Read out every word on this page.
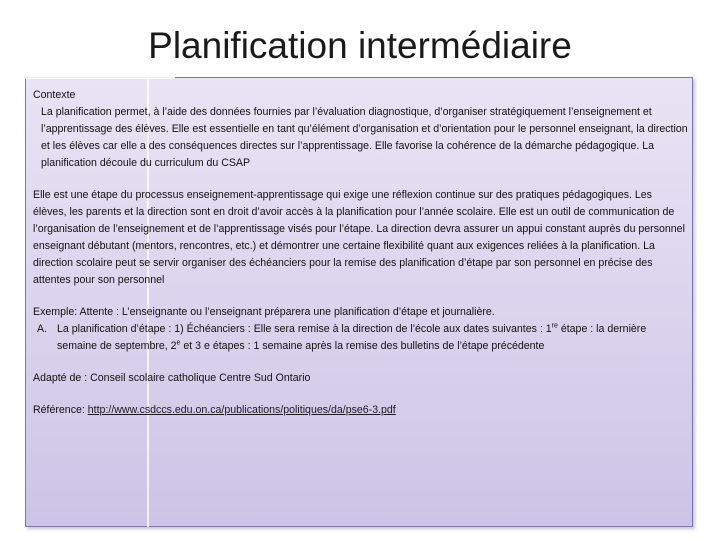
Planification intermédiaire

Contexte

La planification permet, à l’aide des données fournies par l’évaluation diagnostique, d’organiser stratégiquement l’enseignement et l’apprentissage des élèves. Elle est essentielle en tant qu’élément d’organisation et d’orientation pour le personnel enseignant, la direction et les élèves car elle a des conséquences directes sur l’apprentissage. Elle favorise la cohérence de la démarche pédagogique. La planification découle du curriculum du CSAP

Elle est une étape du processus enseignement-apprentissage qui exige une réflexion continue sur des pratiques pédagogiques. Les élèves, les parents et la direction sont en droit d’avoir accès à la planification pour l’année scolaire. Elle est un outil de communication de l’organisation de l’enseignement et de l’apprentissage visés pour l’étape. La direction devra assurer un appui constant auprès du personnel enseignant débutant (mentors, rencontres, etc.) et démontrer une certaine flexibilité quant aux exigences reliées à la planification. La direction scolaire peut se servir organiser des échéanciers pour la remise des planification d’étape par son personnel en précise des attentes pour son personnel

Exemple: Attente : L’enseignante ou l’enseignant préparera une planification d’étape et journalière.

A. La planification d’étape : 1) Échéanciers : Elle sera remise à la direction de l’école aux dates suivantes : 1re étape : la dernière semaine de septembre, 2e et 3 e étapes : 1 semaine après la remise des bulletins de l’étape précédente

Adapté de : Conseil scolaire catholique Centre Sud Ontario

Référence: http://www.csdccs.edu.on.ca/publications/politiques/da/pse6-3.pdf
